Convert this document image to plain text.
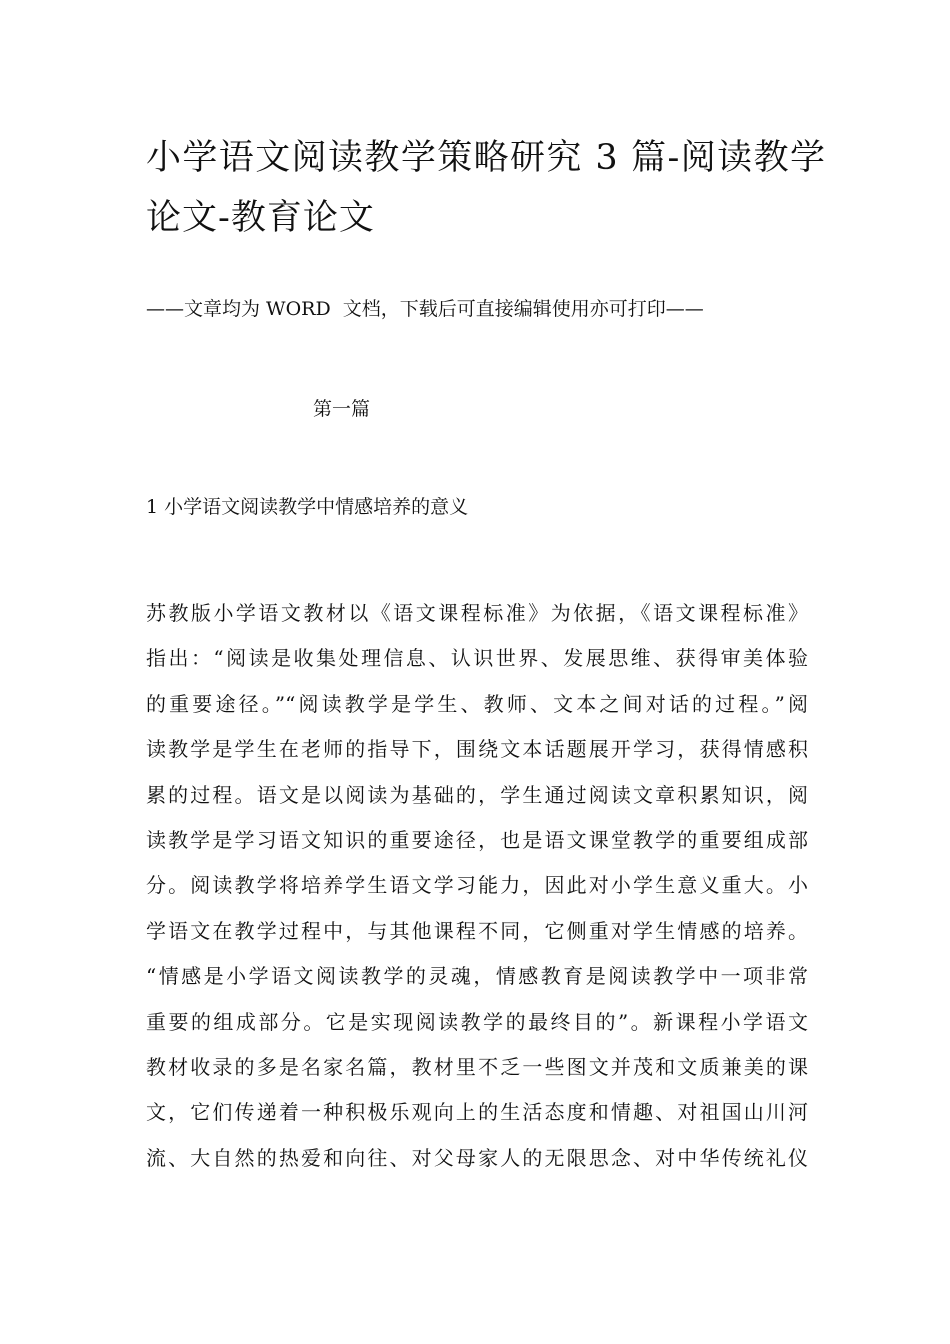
小学语文阅读教学策略研究 3 篇-阅读教学
论文-教育论文

——文章均为 WORD  文档，下载后可直接编辑使用亦可打印——

第一篇

1 小学语文阅读教学中情感培养的意义

苏教版小学语文教材以《语文课程标准》为依据，《语文课程标准》
指出：“阅读是收集处理信息、认识世界、发展思维、获得审美体验
的重要途径。”“阅读教学是学生、教师、文本之间对话的过程。”阅
读教学是学生在老师的指导下，围绕文本话题展开学习，获得情感积
累的过程。语文是以阅读为基础的，学生通过阅读文章积累知识，阅
读教学是学习语文知识的重要途径，也是语文课堂教学的重要组成部
分。阅读教学将培养学生语文学习能力，因此对小学生意义重大。小
学语文在教学过程中，与其他课程不同，它侧重对学生情感的培养。
“情感是小学语文阅读教学的灵魂，情感教育是阅读教学中一项非常
重要的组成部分。它是实现阅读教学的最终目的”。新课程小学语文
教材收录的多是名家名篇，教材里不乏一些图文并茂和文质兼美的课
文，它们传递着一种积极乐观向上的生活态度和情趣、对祖国山川河
流、大自然的热爱和向往、对父母家人的无限思念、对中华传统礼仪
